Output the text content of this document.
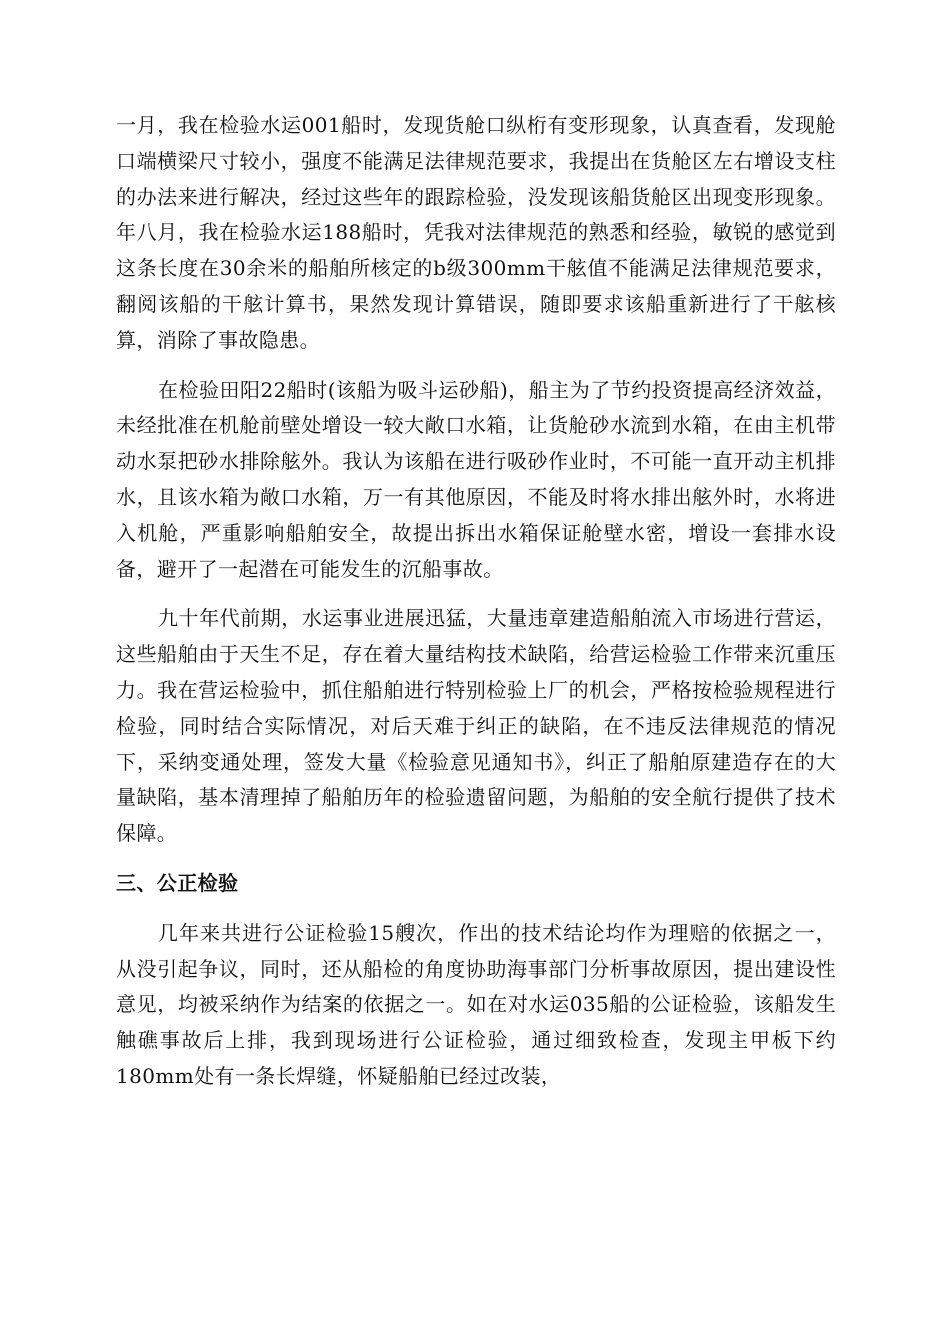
一月，我在检验水运001船时，发现货舱口纵桁有变形现象，认真查看，发现舱口端横梁尺寸较小，强度不能满足法律规范要求，我提出在货舱区左右增设支柱的办法来进行解决，经过这些年的跟踪检验，没发现该船货舱区出现变形现象。年八月，我在检验水运188船时，凭我对法律规范的熟悉和经验，敏锐的感觉到这条长度在30余米的船舶所核定的b级300mm干舷值不能满足法律规范要求，翻阅该船的干舷计算书，果然发现计算错误，随即要求该船重新进行了干舷核算，消除了事故隐患。

在检验田阳22船时(该船为吸斗运砂船)，船主为了节约投资提高经济效益，未经批准在机舱前壁处增设一较大敞口水箱，让货舱砂水流到水箱，在由主机带动水泵把砂水排除舷外。我认为该船在进行吸砂作业时，不可能一直开动主机排水，且该水箱为敞口水箱，万一有其他原因，不能及时将水排出舷外时，水将进入机舱，严重影响船舶安全，故提出拆出水箱保证舱壁水密，增设一套排水设备，避开了一起潜在可能发生的沉船事故。

九十年代前期，水运事业进展迅猛，大量违章建造船舶流入市场进行营运，这些船舶由于天生不足，存在着大量结构技术缺陷，给营运检验工作带来沉重压力。我在营运检验中，抓住船舶进行特别检验上厂的机会，严格按检验规程进行检验，同时结合实际情况，对后天难于纠正的缺陷，在不违反法律规范的情况下，采纳变通处理，签发大量《检验意见通知书》，纠正了船舶原建造存在的大量缺陷，基本清理掉了船舶历年的检验遗留问题，为船舶的安全航行提供了技术保障。

三、公正检验

几年来共进行公证检验15艘次，作出的技术结论均作为理赔的依据之一，从没引起争议，同时，还从船检的角度协助海事部门分析事故原因，提出建设性意见，均被采纳作为结案的依据之一。如在对水运035船的公证检验，该船发生触礁事故后上排，我到现场进行公证检验，通过细致检查，发现主甲板下约180mm处有一条长焊缝，怀疑船舶已经过改装，
